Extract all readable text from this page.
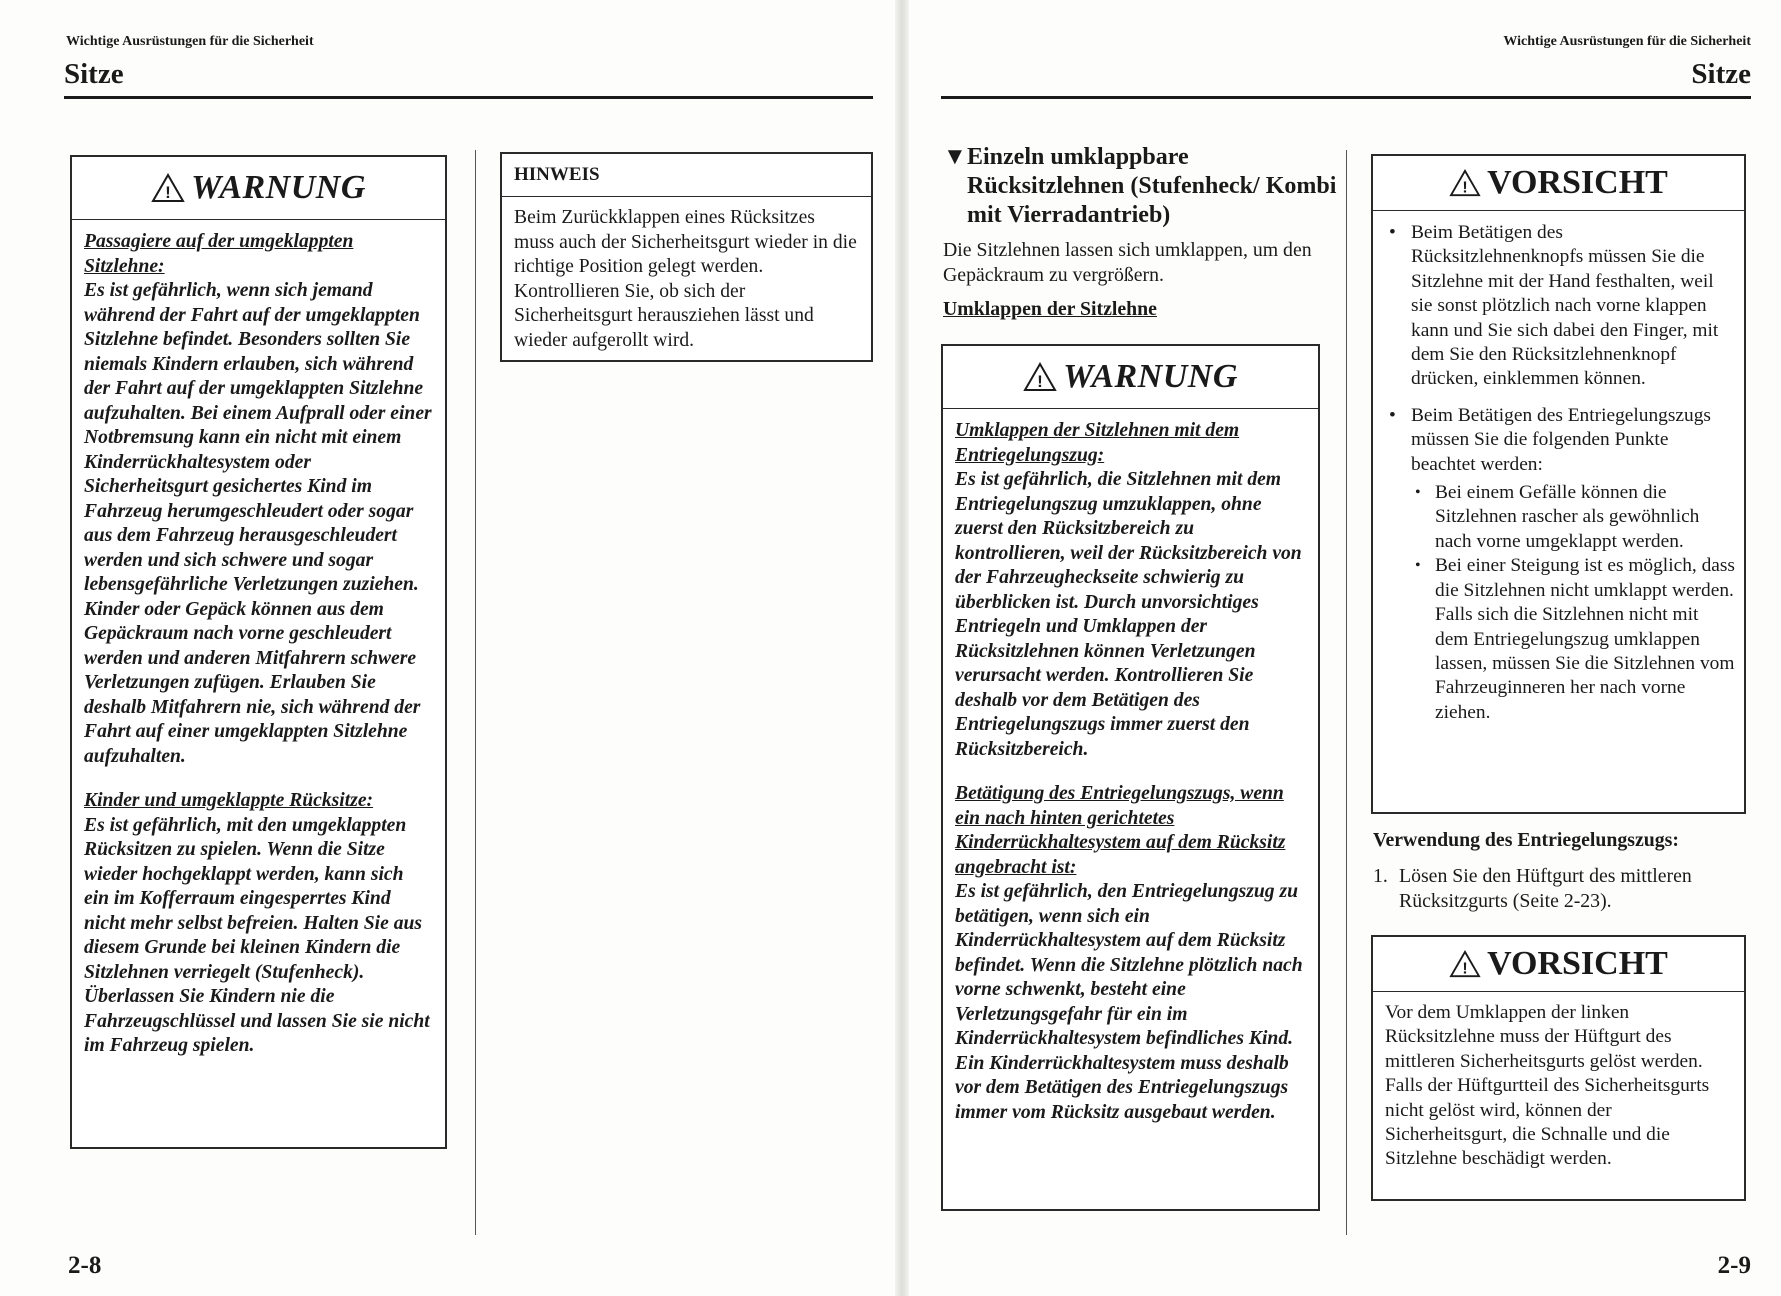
Wichtige Ausrüstungen für die Sicherheit
Sitze
! WARNUNG

Passagiere auf der umgeklappten Sitzlehne:
Es ist gefährlich, wenn sich jemand während der Fahrt auf der umgeklappten Sitzlehne befindet. Besonders sollten Sie niemals Kindern erlauben, sich während der Fahrt auf der umgeklappten Sitzlehne aufzuhalten. Bei einem Aufprall oder einer Notbremsung kann ein nicht mit einem Kinderrückhaltesystem oder Sicherheitsgurt gesichertes Kind im Fahrzeug herumgeschleudert oder sogar aus dem Fahrzeug herausgeschleudert werden und sich schwere und sogar lebensgefährliche Verletzungen zuziehen. Kinder oder Gepäck können aus dem Gepäckraum nach vorne geschleudert werden und anderen Mitfahrern schwere Verletzungen zufügen. Erlauben Sie deshalb Mitfahrern nie, sich während der Fahrt auf einer umgeklappten Sitzlehne aufzuhalten.

Kinder und umgeklappte Rücksitze:
Es ist gefährlich, mit den umgeklappten Rücksitzen zu spielen. Wenn die Sitze wieder hochgeklappt werden, kann sich ein im Kofferraum eingesperrtes Kind nicht mehr selbst befreien. Halten Sie aus diesem Grunde bei kleinen Kindern die Sitzlehnen verriegelt (Stufenheck). Überlassen Sie Kindern nie die Fahrzeugschlüssel und lassen Sie sie nicht im Fahrzeug spielen.

HINWEIS
Beim Zurückklappen eines Rücksitzes muss auch der Sicherheitsgurt wieder in die richtige Position gelegt werden. Kontrollieren Sie, ob sich der Sicherheitsgurt herausziehen lässt und wieder aufgerollt wird.
2-8
Wichtige Ausrüstungen für die Sicherheit
Sitze
▼ Einzeln umklappbare Rücksitzlehnen (Stufenheck/ Kombi mit Vierradantrieb)
Die Sitzlehnen lassen sich umklappen, um den Gepäckraum zu vergrößern.
Umklappen der Sitzlehne
! WARNUNG

Umklappen der Sitzlehnen mit dem Entriegelungszug:
Es ist gefährlich, die Sitzlehnen mit dem Entriegelungszug umzuklappen, ohne zuerst den Rücksitzbereich zu kontrollieren, weil der Rücksitzbereich von der Fahrzeugheckseite schwierig zu überblicken ist. Durch unvorsichtiges Entriegeln und Umklappen der Rücksitzlehnen können Verletzungen verursacht werden. Kontrollieren Sie deshalb vor dem Betätigen des Entriegelungszugs immer zuerst den Rücksitzbereich.

Betätigung des Entriegelungszugs, wenn ein nach hinten gerichtetes Kinderrückhaltesystem auf dem Rücksitz angebracht ist:
Es ist gefährlich, den Entriegelungszug zu betätigen, wenn sich ein Kinderrückhaltesystem auf dem Rücksitz befindet. Wenn die Sitzlehne plötzlich nach vorne schwenkt, besteht eine Verletzungsgefahr für ein im Kinderrückhaltesystem befindliches Kind. Ein Kinderrückhaltesystem muss deshalb vor dem Betätigen des Entriegelungszugs immer vom Rücksitz ausgebaut werden.

! VORSICHT
• Beim Betätigen des Rücksitzlehnenknopfs müssen Sie die Sitzlehne mit der Hand festhalten, weil sie sonst plötzlich nach vorne klappen kann und Sie sich dabei den Finger, mit dem Sie den Rücksitzlehnenknopf drücken, einklemmen können.
• Beim Betätigen des Entriegelungszugs müssen Sie die folgenden Punkte beachtet werden:
• Bei einem Gefälle können die Sitzlehnen rascher als gewöhnlich nach vorne umgeklappt werden.
• Bei einer Steigung ist es möglich, dass die Sitzlehnen nicht umklappt werden. Falls sich die Sitzlehnen nicht mit dem Entriegelungszug umklappen lassen, müssen Sie die Sitzlehnen vom Fahrzeuginneren her nach vorne ziehen.
Verwendung des Entriegelungszugs:
1. Lösen Sie den Hüftgurt des mittleren Rücksitzgurts (Seite 2-23).
! VORSICHT
Vor dem Umklappen der linken Rücksitzlehne muss der Hüftgurt des mittleren Sicherheitsgurts gelöst werden. Falls der Hüftgurtteil des Sicherheitsgurts nicht gelöst wird, können der Sicherheitsgurt, die Schnalle und die Sitzlehne beschädigt werden.
2-9
